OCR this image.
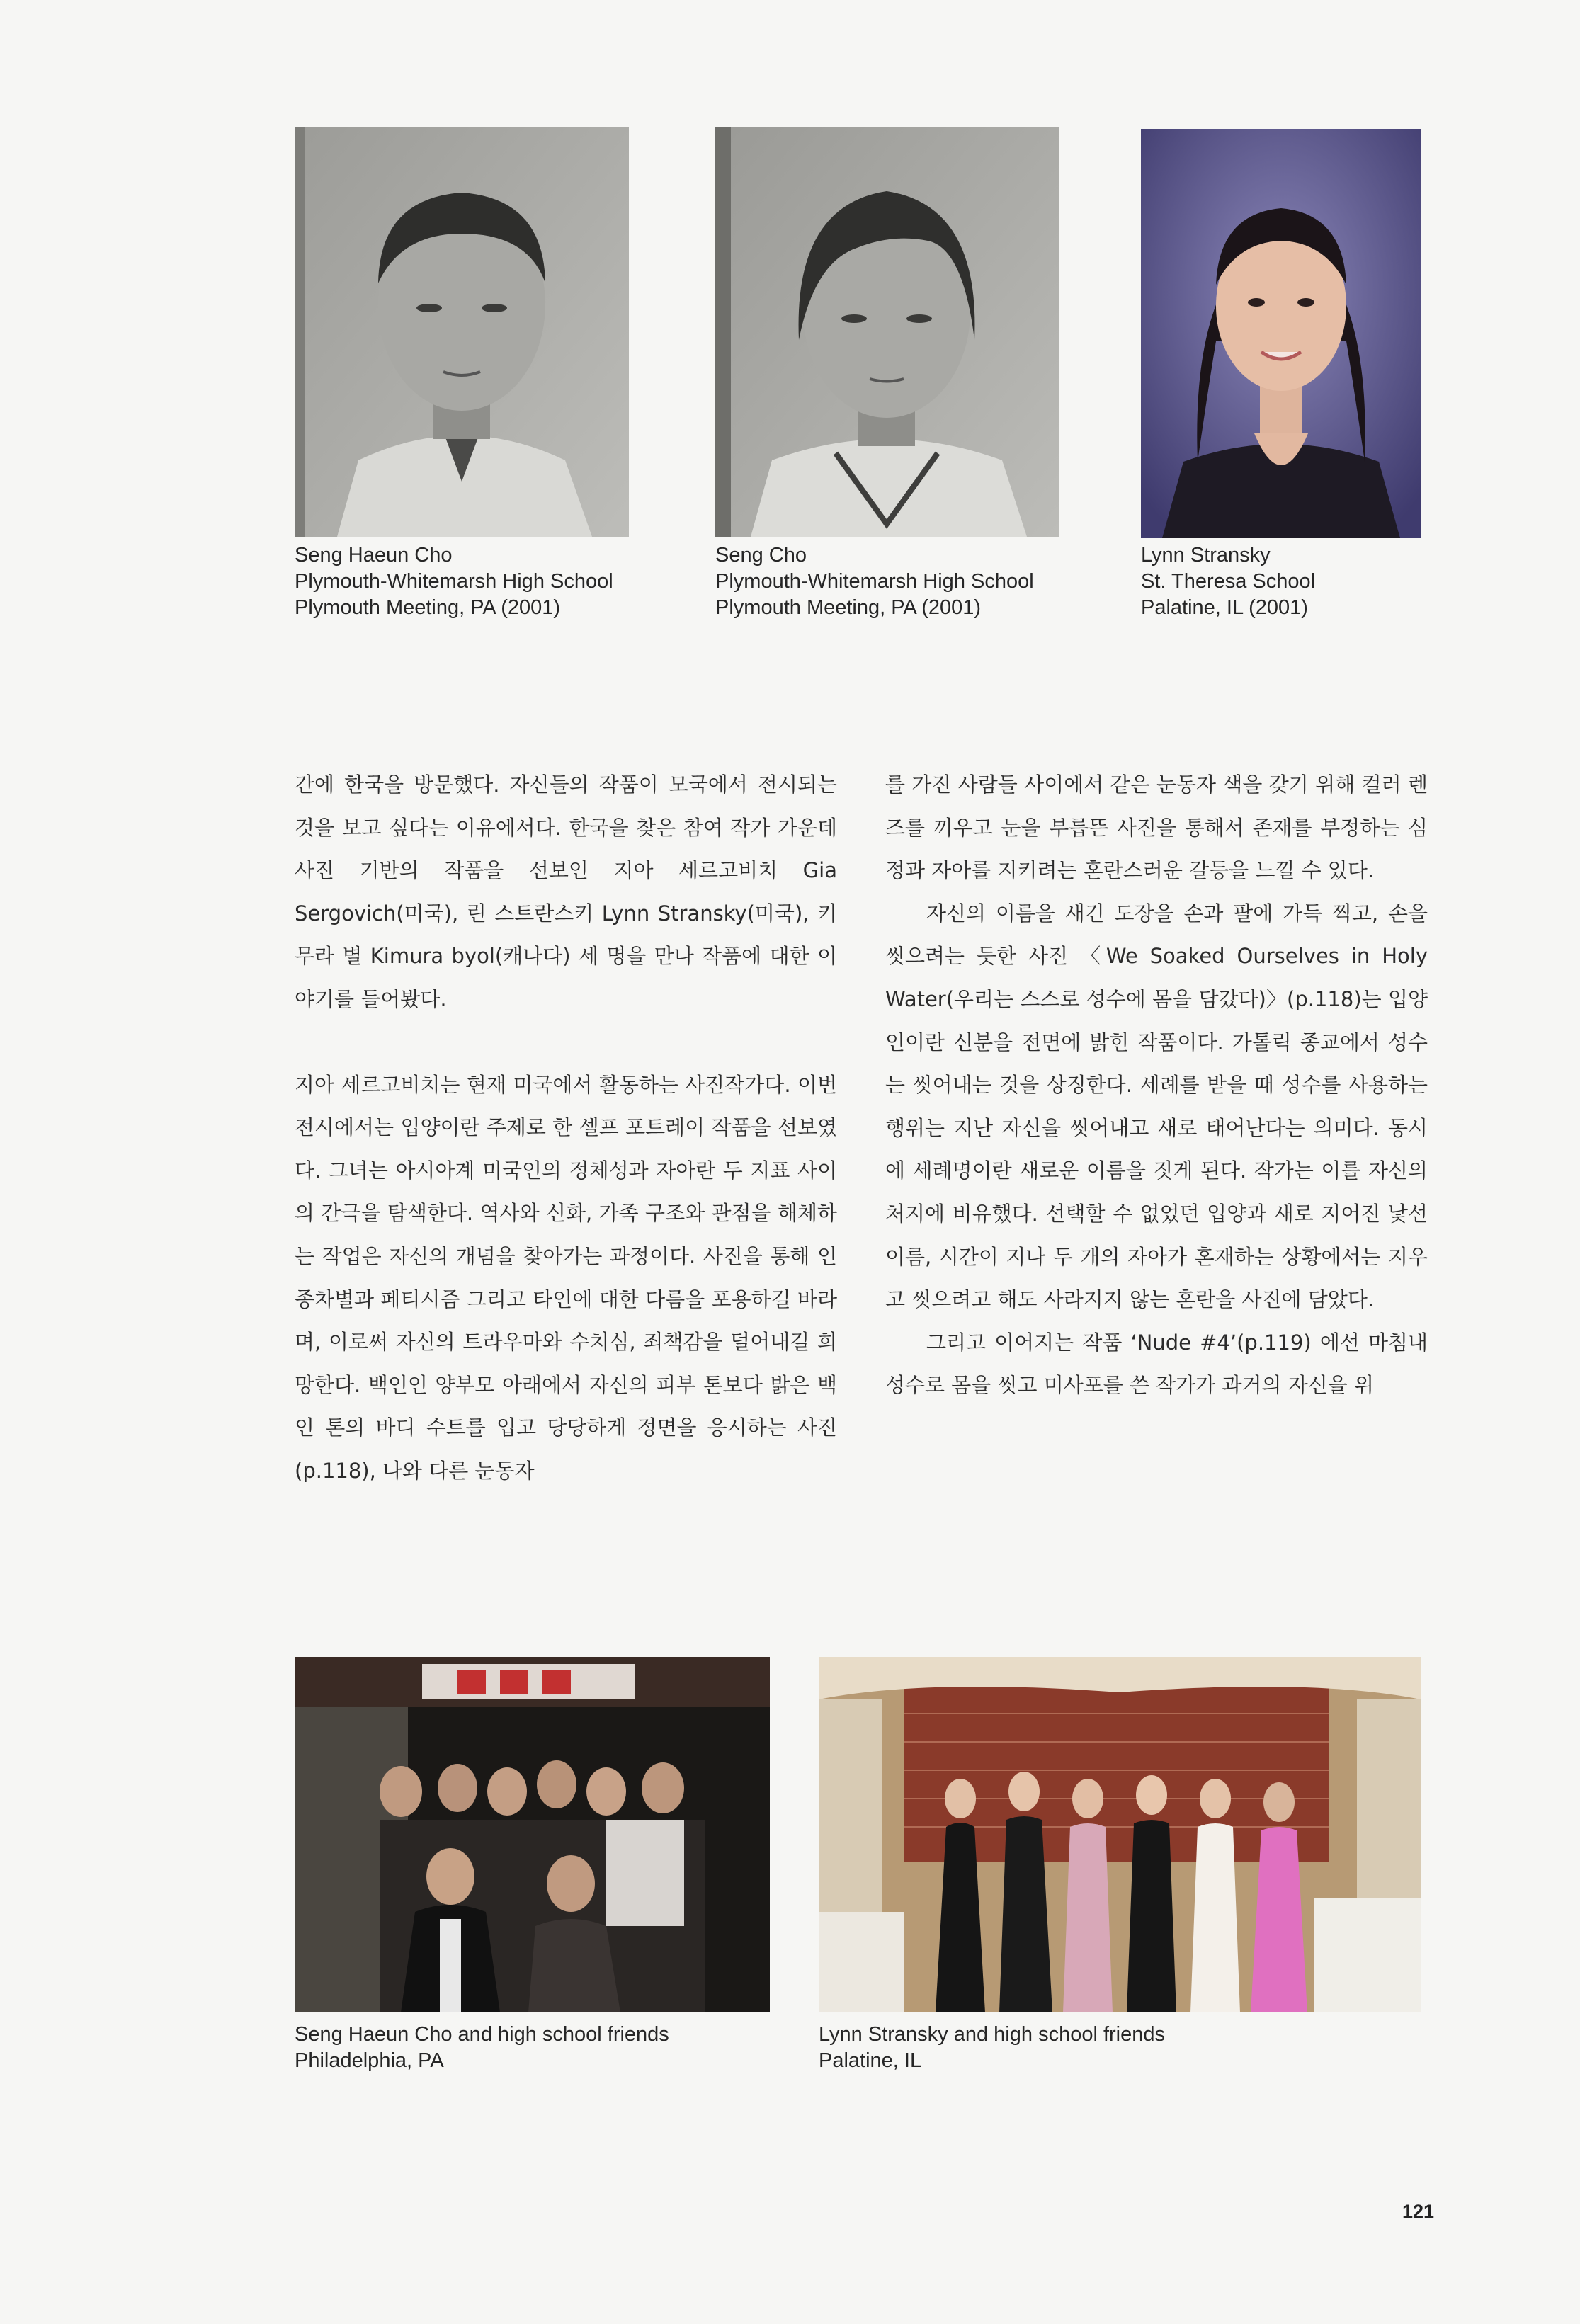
Seng Haeun Cho
Plymouth-Whitemarsh High School
Plymouth Meeting, PA (2001)
Seng Cho
Plymouth-Whitemarsh High School
Plymouth Meeting, PA (2001)
Lynn Stransky
St. Theresa School
Palatine, IL (2001)

간에 한국을 방문했다. 자신들의 작품이 모국에서 전시되는 것을 보고 싶다는 이유에서다. 한국을 찾은 참여 작가 가운데 사진 기반의 작품을 선보인 지아 세르고비치 Gia Sergovich(미국), 린 스트란스키 Lynn Stransky(미국), 키무라 별 Kimura byol(캐나다) 세 명을 만나 작품에 대한 이야기를 들어봤다.

지아 세르고비치는 현재 미국에서 활동하는 사진작가다. 이번 전시에서는 입양이란 주제로 한 셀프 포트레이 작품을 선보였다. 그녀는 아시아계 미국인의 정체성과 자아란 두 지표 사이의 간극을 탐색한다. 역사와 신화, 가족 구조와 관점을 해체하는 작업은 자신의 개념을 찾아가는 과정이다. 사진을 통해 인종차별과 페티시즘 그리고 타인에 대한 다름을 포용하길 바라며, 이로써 자신의 트라우마와 수치심, 죄책감을 덜어내길 희망한다. 백인인 양부모 아래에서 자신의 피부 톤보다 밝은 백인 톤의 바디 수트를 입고 당당하게 정면을 응시하는 사진(p.118), 나와 다른 눈동자

를 가진 사람들 사이에서 같은 눈동자 색을 갖기 위해 컬러 렌즈를 끼우고 눈을 부릅뜬 사진을 통해서 존재를 부정하는 심정과 자아를 지키려는 혼란스러운 갈등을 느낄 수 있다.

자신의 이름을 새긴 도장을 손과 팔에 가득 찍고, 손을 씻으려는 듯한 사진 〈We Soaked Ourselves in Holy Water(우리는 스스로 성수에 몸을 담갔다)〉(p.118)는 입양인이란 신분을 전면에 밝힌 작품이다. 가톨릭 종교에서 성수는 씻어내는 것을 상징한다. 세례를 받을 때 성수를 사용하는 행위는 지난 자신을 씻어내고 새로 태어난다는 의미다. 동시에 세례명이란 새로운 이름을 짓게 된다. 작가는 이를 자신의 처지에 비유했다. 선택할 수 없었던 입양과 새로 지어진 낯선 이름, 시간이 지나 두 개의 자아가 혼재하는 상황에서는 지우고 씻으려고 해도 사라지지 않는 혼란을 사진에 담았다.

그리고 이어지는 작품 ‘Nude #4’(p.119) 에선 마침내 성수로 몸을 씻고 미사포를 쓴 작가가 과거의 자신을 위

Seng Haeun Cho and high school friends
Philadelphia, PA
Lynn Stransky and high school friends
Palatine, IL
121
